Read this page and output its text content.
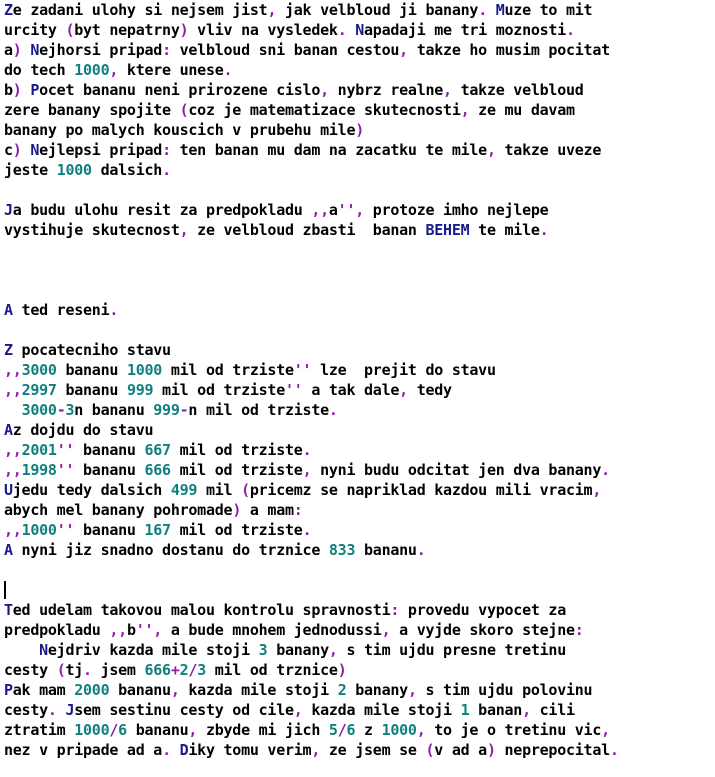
Ze zadani ulohy si nejsem jist, jak velbloud ji banany. Muze to mit
urcity (byt nepatrny) vliv na vysledek. Napadaji me tri moznosti.
a) Nejhorsi pripad: velbloud sni banan cestou, takze ho musim pocitat
do tech 1000, ktere unese.
b) Pocet bananu neni prirozene cislo, nybrz realne, takze velbloud
zere banany spojite (coz je matematizace skutecnosti, ze mu davam
banany po malych kouscich v prubehu mile)
c) Nejlepsi pripad: ten banan mu dam na zacatku te mile, takze uveze
jeste 1000 dalsich.
Ja budu ulohu resit za predpokladu ,,a'', protoze imho nejlepe
vystihuje skutecnost, ze velbloud zbasti  banan BEHEM te mile.
A ted reseni.
Z pocatecniho stavu
,,3000 bananu 1000 mil od trziste'' lze  prejit do stavu
,,2997 bananu 999 mil od trziste'' a tak dale, tedy
3000-3n bananu 999-n mil od trziste.
Az dojdu do stavu
,,2001'' bananu 667 mil od trziste.
,,1998'' bananu 666 mil od trziste, nyni budu odcitat jen dva banany.
Ujedu tedy dalsich 499 mil (pricemz se napriklad kazdou mili vracim,
abych mel banany pohromade) a mam:
,,1000'' bananu 167 mil od trziste.
A nyni jiz snadno dostanu do trznice 833 bananu.
Ted udelam takovou malou kontrolu spravnosti: provedu vypocet za
predpokladu ,,b'', a bude mnohem jednodussi, a vyjde skoro stejne:
Nejdriv kazda mile stoji 3 banany, s tim ujdu presne tretinu
cesty (tj. jsem 666+2/3 mil od trznice)
Pak mam 2000 bananu, kazda mile stoji 2 banany, s tim ujdu polovinu
cesty. Jsem sestinu cesty od cile, kazda mile stoji 1 banan, cili
ztratim 1000/6 bananu, zbyde mi jich 5/6 z 1000, to je o tretinu vic,
nez v pripade ad a. Diky tomu verim, ze jsem se (v ad a) neprepocital.
